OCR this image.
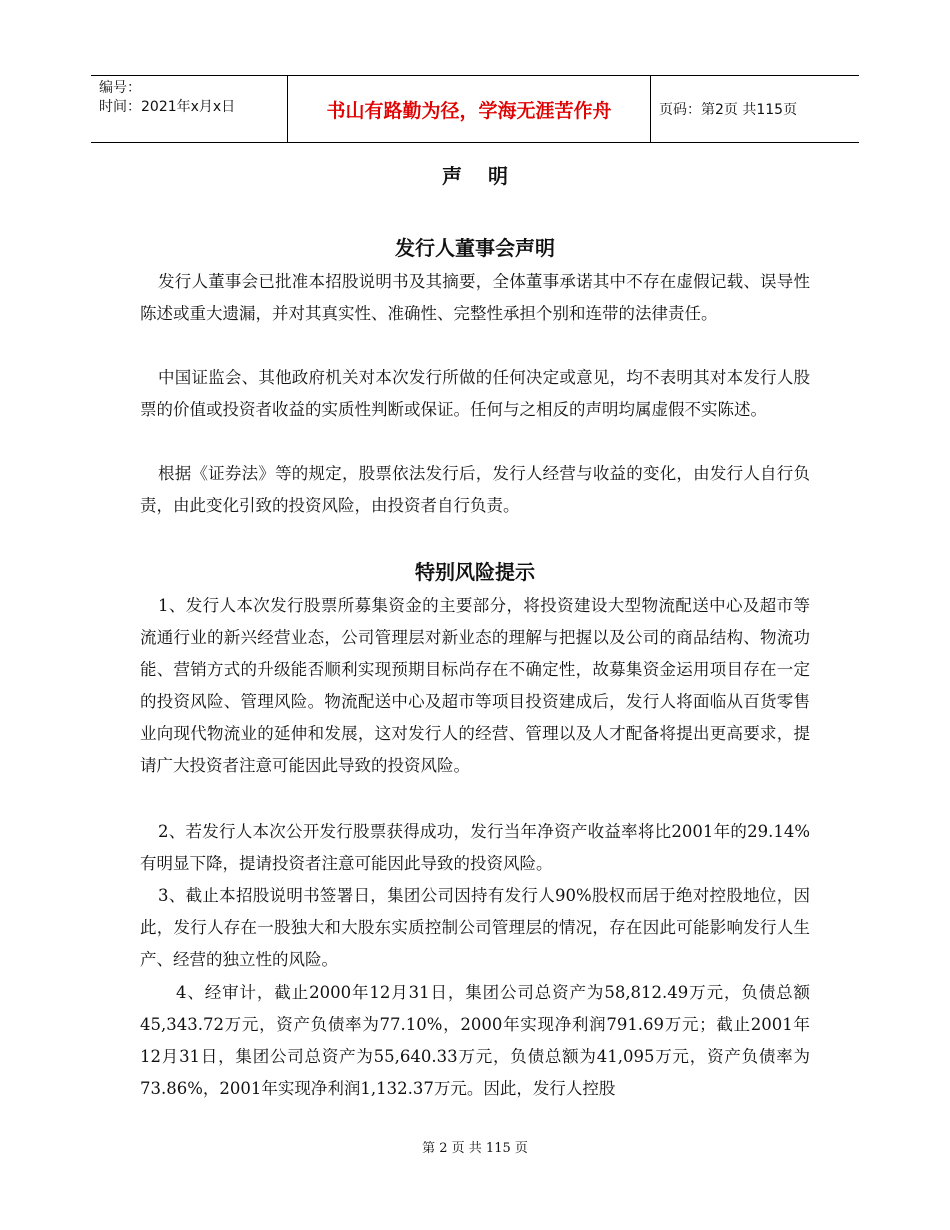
编号：
时间：2021年x月x日	书山有路勤为径，学海无涯苦作舟	页码：第2页 共115页
声明
发行人董事会声明
发行人董事会已批准本招股说明书及其摘要，全体董事承诺其中不存在虚假记载、误导性陈述或重大遗漏，并对其真实性、准确性、完整性承担个别和连带的法律责任。
中国证监会、其他政府机关对本次发行所做的任何决定或意见，均不表明其对本发行人股票的价值或投资者收益的实质性判断或保证。任何与之相反的声明均属虚假不实陈述。
根据《证券法》等的规定，股票依法发行后，发行人经营与收益的变化，由发行人自行负责，由此变化引致的投资风险，由投资者自行负责。
特别风险提示
1、发行人本次发行股票所募集资金的主要部分，将投资建设大型物流配送中心及超市等流通行业的新兴经营业态，公司管理层对新业态的理解与把握以及公司的商品结构、物流功能、营销方式的升级能否顺利实现预期目标尚存在不确定性，故募集资金运用项目存在一定的投资风险、管理风险。物流配送中心及超市等项目投资建成后，发行人将面临从百货零售业向现代物流业的延伸和发展，这对发行人的经营、管理以及人才配备将提出更高要求，提请广大投资者注意可能因此导致的投资风险。
2、若发行人本次公开发行股票获得成功，发行当年净资产收益率将比2001年的29.14%有明显下降，提请投资者注意可能因此导致的投资风险。
3、截止本招股说明书签署日，集团公司因持有发行人90%股权而居于绝对控股地位，因此，发行人存在一股独大和大股东实质控制公司管理层的情况，存在因此可能影响发行人生产、经营的独立性的风险。
4、经审计，截止2000年12月31日，集团公司总资产为58,812.49万元，负债总额45,343.72万元，资产负债率为77.10%，2000年实现净利润791.69万元；截止2001年12月31日，集团公司总资产为55,640.33万元，负债总额为41,095万元，资产负债率为73.86%，2001年实现净利润1,132.37万元。因此，发行人控股
第 2 页 共 115 页
